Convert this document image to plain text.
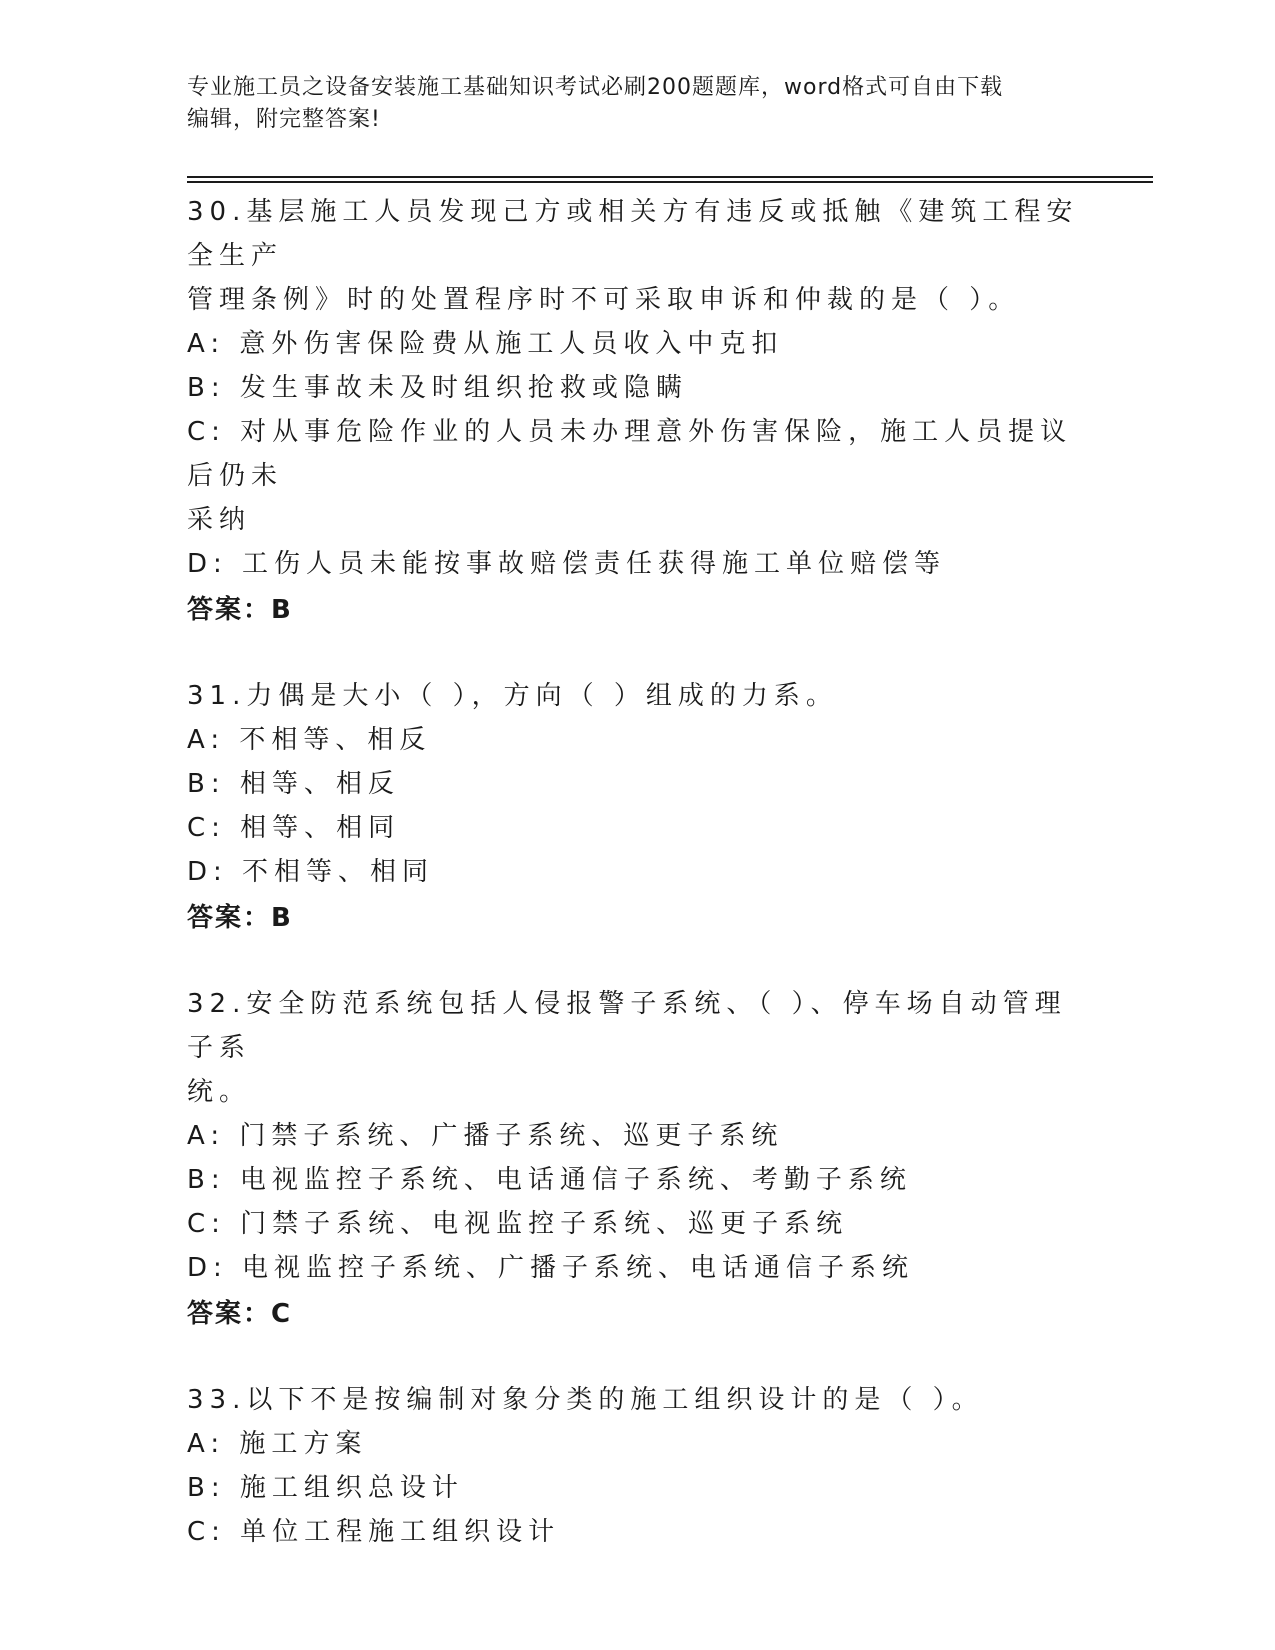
专业施工员之设备安装施工基础知识考试必刷200题题库，word格式可自由下载
编辑，附完整答案!

30.基层施工人员发现己方或相关方有违反或抵触《建筑工程安全生产
管理条例》时的处置程序时不可采取申诉和仲裁的是（ ）。

A: 意外伤害保险费从施工人员收入中克扣

B: 发生事故未及时组织抢救或隐瞒

C: 对从事危险作业的人员未办理意外伤害保险，施工人员提议后仍未
采纳

D: 工伤人员未能按事故赔偿责任获得施工单位赔偿等

答案：B

31.力偶是大小（ ），方向（ ）组成的力系。

A: 不相等、相反

B: 相等、相反

C: 相等、相同

D: 不相等、相同

答案：B

32.安全防范系统包括人侵报警子系统、（ ）、停车场自动管理子系
统。

A: 门禁子系统、广播子系统、巡更子系统

B: 电视监控子系统、电话通信子系统、考勤子系统

C: 门禁子系统、电视监控子系统、巡更子系统

D: 电视监控子系统、广播子系统、电话通信子系统

答案：C

33.以下不是按编制对象分类的施工组织设计的是（ ）。

A: 施工方案

B: 施工组织总设计

C: 单位工程施工组织设计
